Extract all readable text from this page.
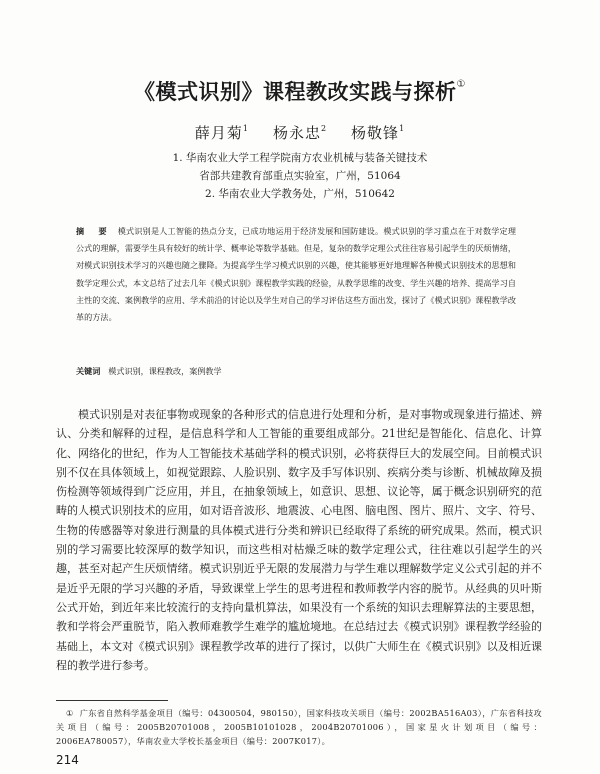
《模式识别》课程教改实践与探析①
薛月菊$^1$ 杨永忠$^2$ 杨敬锋$^1$
1. 华南农业大学工程学院南方农业机械与装备关键技术
省部共建教育部重点实验室，广州，51064
2. 华南农业大学教务处，广州，510642
摘　要 模式识别是人工智能的热点分支，已成功地运用于经济发展和国防建设。模式识别的学习重点在于对数学定理公式的理解，需要学生具有较好的统计学、概率论等数学基础。但是，复杂的数学定理公式往往容易引起学生的厌烦情绪，对模式识别技术学习的兴趣也随之骤降。为提高学生学习模式识别的兴趣，使其能够更好地理解各种模式识别技术的思想和数学定理公式，本文总结了过去几年《模式识别》课程教学实践的经验，从教学思维的改变、学生兴趣的培养、提高学习自主性的交流、案例教学的应用、学术前沿的讨论以及学生对自己的学习评估这些方面出发，探讨了《模式识别》课程教学改革的方法。
关键词 模式识别，课程教改，案例教学

模式识别是对表征事物或现象的各种形式的信息进行处理和分析，是对事物或现象进行描述、辨认、分类和解释的过程，是信息科学和人工智能的重要组成部分。21世纪是智能化、信息化、计算化、网络化的世纪，作为人工智能技术基础学科的模式识别，必将获得巨大的发展空间。目前模式识别不仅在具体领域上，如视觉跟踪、人脸识别、数字及手写体识别、疾病分类与诊断、机械故障及损伤检测等领域得到广泛应用，并且，在抽象领域上，如意识、思想、议论等，属于概念识别研究的范畴的人模式识别技术的应用，如对语音波形、地震波、心电图、脑电图、图片、照片、文字、符号、生物的传感器等对象进行测量的具体模式进行分类和辨识已经取得了系统的研究成果。然而，模式识别的学习需要比较深厚的数学知识，而这些相对枯燥乏味的数学定理公式，往往难以引起学生的兴趣，甚至对起产生厌烦情绪。模式识别近乎无限的发展潜力与学生难以理解数学定义公式引起的并不是近乎无限的学习兴趣的矛盾，导致课堂上学生的思考进程和教师教学内容的脱节。从经典的贝叶斯公式开始，到近年来比较流行的支持向量机算法，如果没有一个系统的知识去理解算法的主要思想，教和学将会严重脱节，陷入教师难教学生难学的尴尬境地。在总结过去《模式识别》课程教学经验的基础上，本文对《模式识别》课程教学改革的进行了探讨，以供广大师生在《模式识别》以及相近课程的教学进行参考。

① 广东省自然科学基金项目（编号：04300504，980150），国家科技攻关项目（编号：2002BA516A03），广东省科技攻关项目（编号：2005B20701008，2005B10101028，2004B20701006），国家星火计划项目（编号：2006EA780057），华南农业大学校长基金项目（编号：2007K017）。
214
